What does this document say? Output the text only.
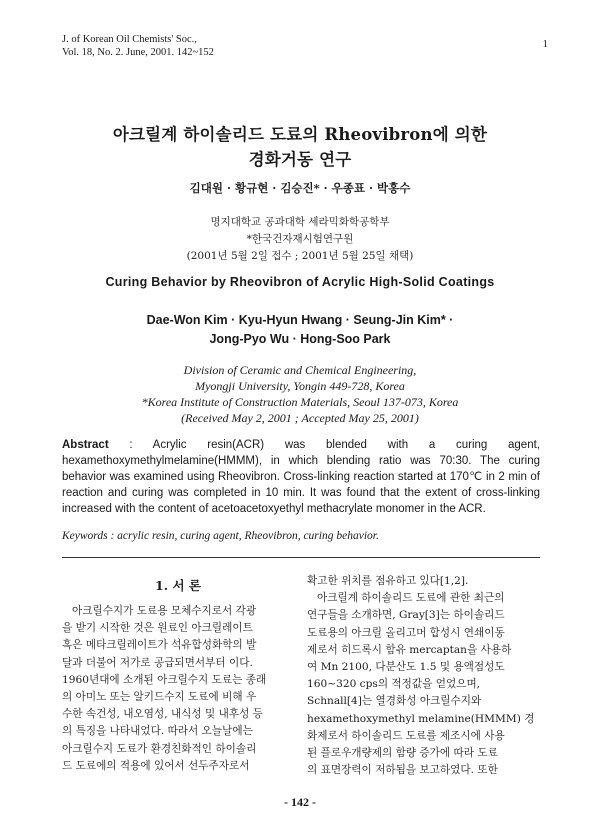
J. of Korean Oil Chemists' Soc.,
Vol. 18, No. 2. June, 2001. 142~152
1
아크릴계 하이솔리드 도료의 Rheovibron에 의한
경화거동 연구
김대원 · 황규현 · 김승진* · 우종표 · 박홍수
명지대학교 공과대학 세라믹화학공학부
*한국건자재시험연구원
(2001년 5월 2일 접수 ; 2001년 5월 25일 채택)
Curing Behavior by Rheovibron of Acrylic High-Solid Coatings
Dae-Won Kim · Kyu-Hyun Hwang · Seung-Jin Kim* ·
Jong-Pyo Wu · Hong-Soo Park
Division of Ceramic and Chemical Engineering,
Myongji University, Yongin 449-728, Korea
*Korea Institute of Construction Materials, Seoul 137-073, Korea
(Received May 2, 2001 ; Accepted May 25, 2001)
Abstract : Acrylic resin(ACR) was blended with a curing agent, hexamethoxymethylmelamine(HMMM), in which blending ratio was 70:30. The curing behavior was examined using Rheovibron. Cross-linking reaction started at 170℃ in 2 min of reaction and curing was completed in 10 min. It was found that the extent of cross-linking increased with the content of acetoacetoxyethyl methacrylate monomer in the ACR.
Keywords : acrylic resin, curing agent, Rheovibron, curing behavior.
1. 서 론
아크릴수지가 도료용 모체수지로서 각광
을 받기 시작한 것은 원료인 아크릴레이트
혹은 메타크릴레이트가 석유합성화학의 발
달과 더불어 저가로 공급되면서부터 이다.
1960년대에 소개된 아크릴수지 도료는 종래
의 아미노 또는 알키드수지 도료에 비해 우
수한 속건성, 내오염성, 내식성 및 내후성 등
의 특징을 나타내었다. 따라서 오늘날에는
아크릴수지 도료가 환경친화적인 하이솔리
드 도료에의 적용에 있어서 선두주자로서
확고한 위치를 점유하고 있다[1,2].
아크릴계 하이솔리드 도료에 관한 최근의
연구들을 소개하면, Gray[3]는 하이솔리드
도료용의 아크릴 올리고머 합성시 연쇄이동
제로서 히드록시 함유 mercaptan을 사용하
여 Mn 2100, 다분산도 1.5 및 용액점성도
160~320 cps의 적정값을 얻었으며,
Schnall[4]는 열경화성 아크릴수지와
hexamethoxymethyl melamine(HMMM) 경
화제로서 하이솔리드 도료를 제조시에 사용
된 플로우개량제의 함량 증가에 따라 도료
의 표면장력이 저하됨을 보고하였다. 또한
- 142 -
